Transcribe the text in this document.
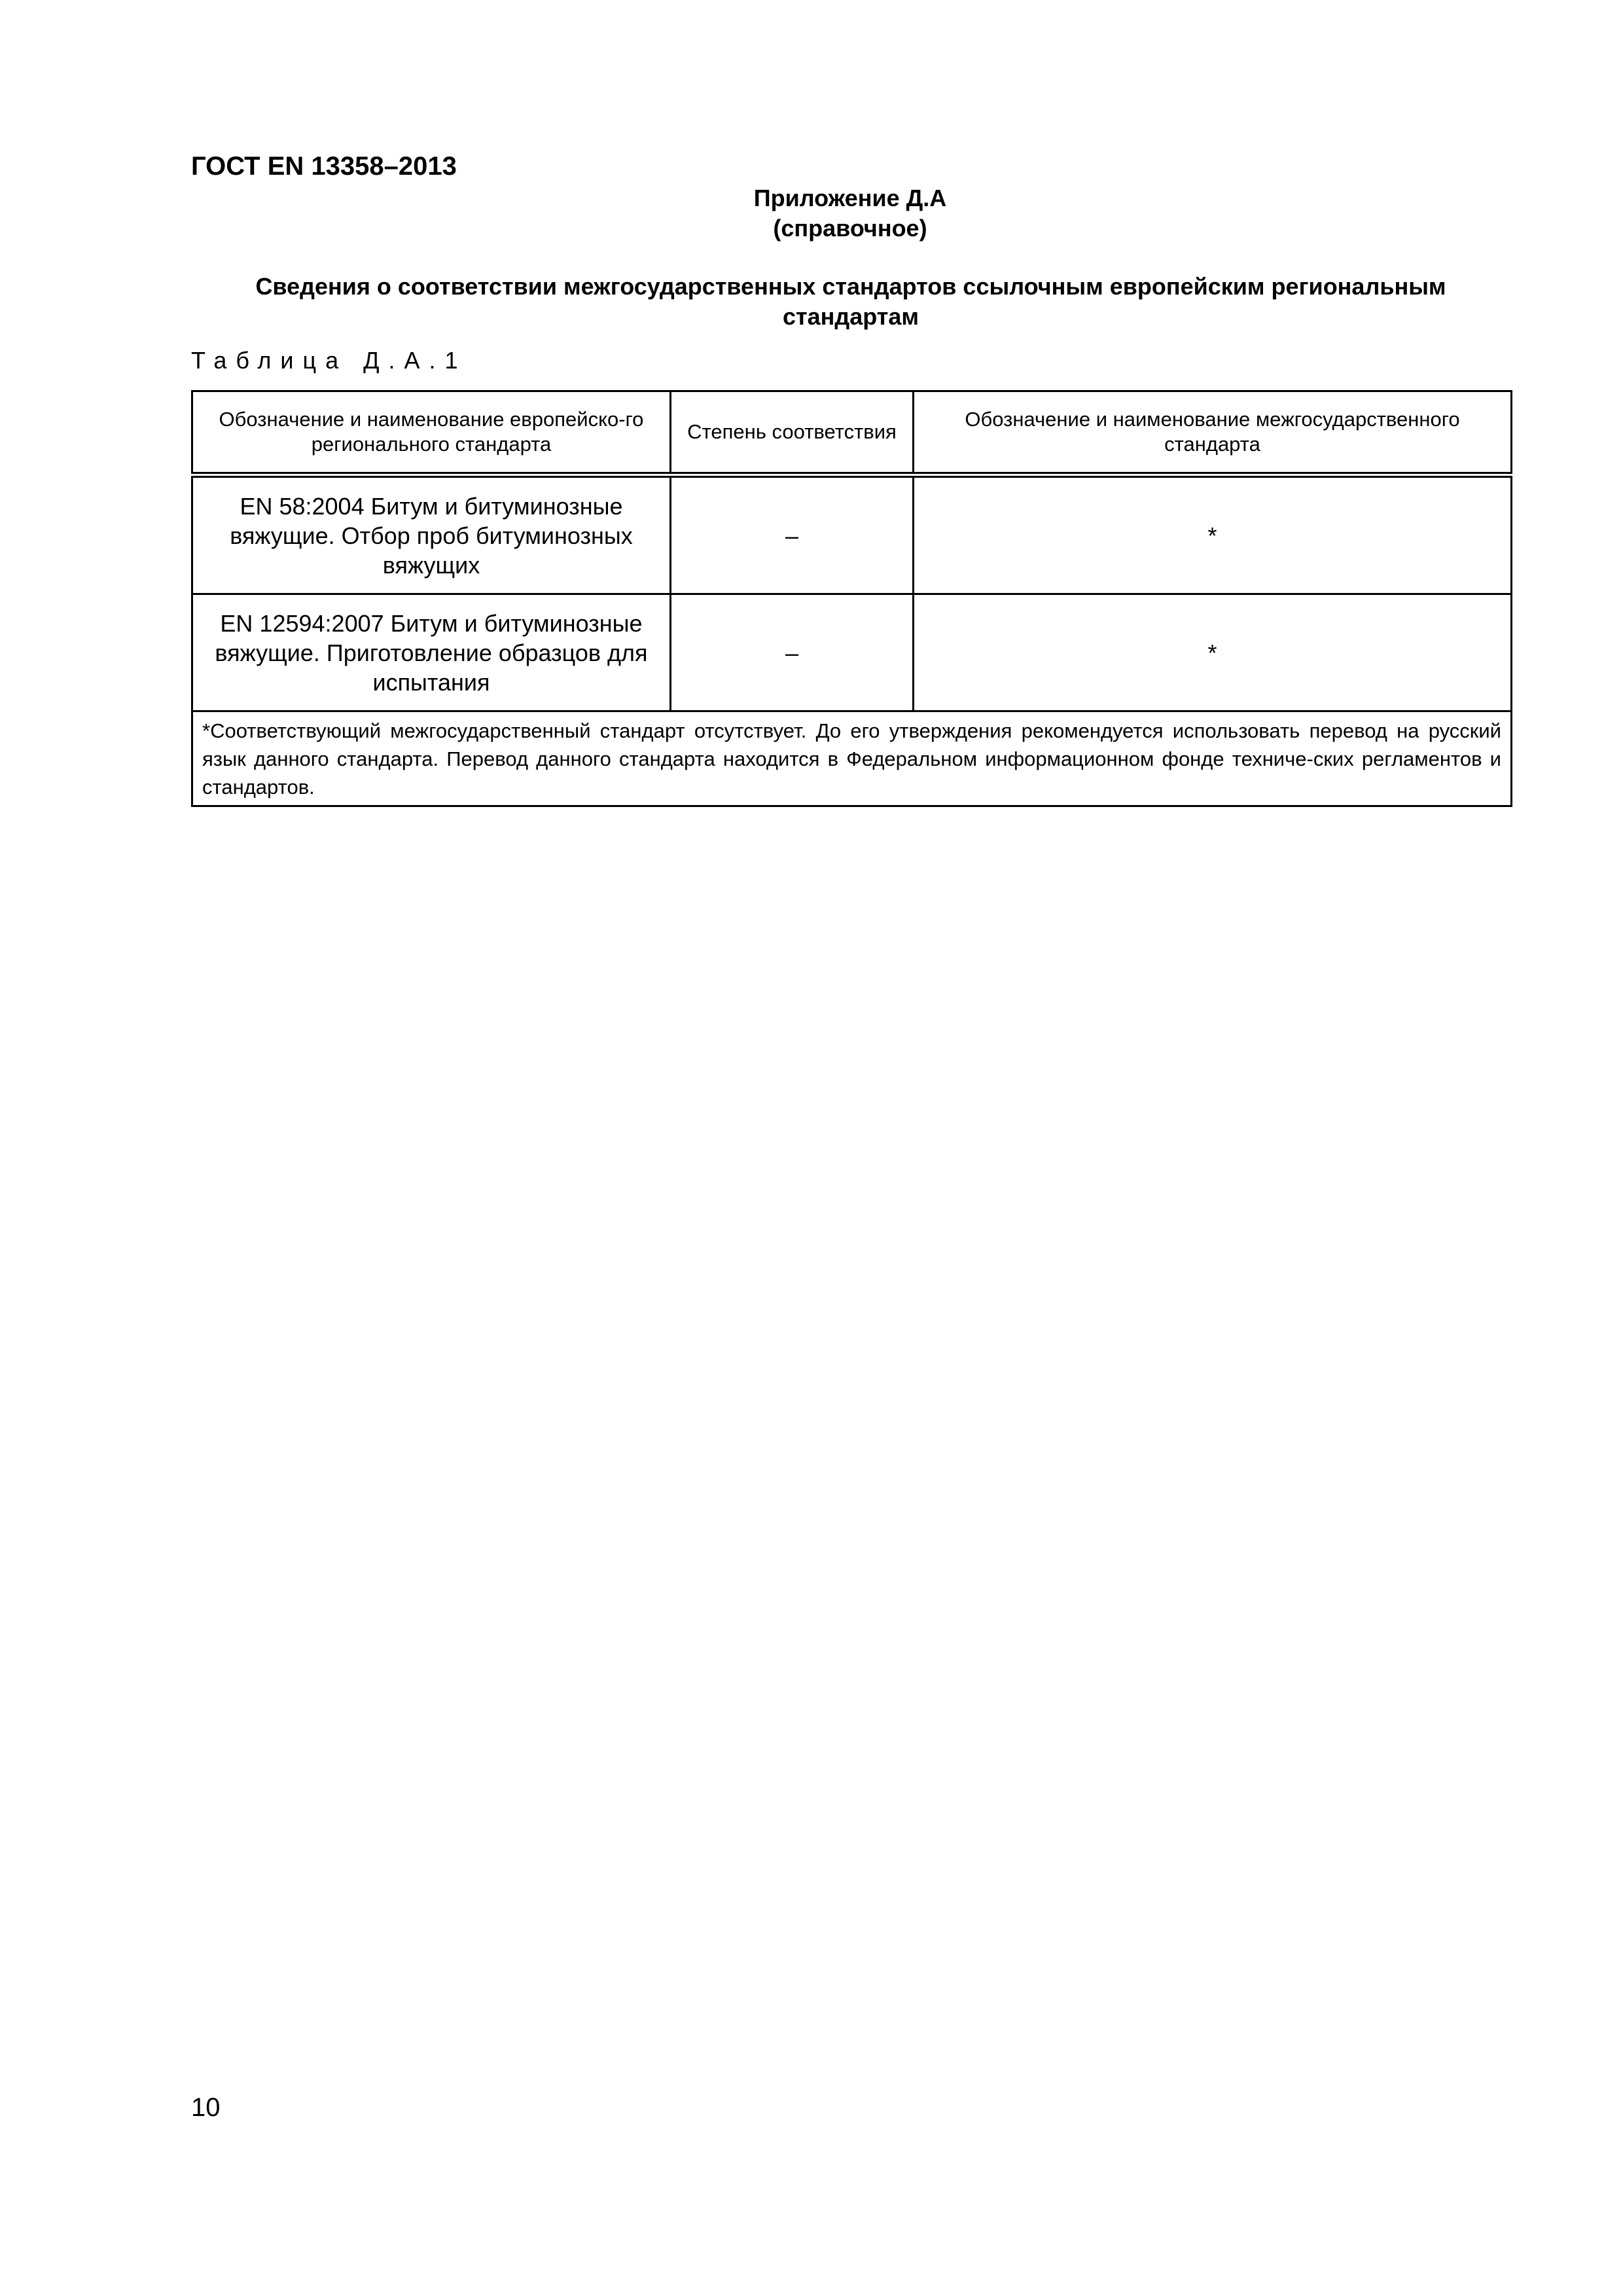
ГОСТ EN 13358–2013
Приложение Д.А
(справочное)
Сведения о соответствии межгосударственных стандартов ссылочным европейским региональным стандартам
Таблица Д.А.1
Обозначение и наименование европейско-го регионального стандарта	Степень соответствия	Обозначение и наименование межгосударственного стандарта
EN 58:2004 Битум и битуминозные вяжущие. Отбор проб битуминозных вяжущих	–	*
EN 12594:2007 Битум и битуминозные вяжущие. Приготовление образцов для испытания	–	*
*Соответствующий межгосударственный стандарт отсутствует. До его утверждения рекомендуется использовать перевод на русский язык данного стандарта. Перевод данного стандарта находится в Федеральном информационном фонде техниче-ских регламентов и стандартов.		
10
